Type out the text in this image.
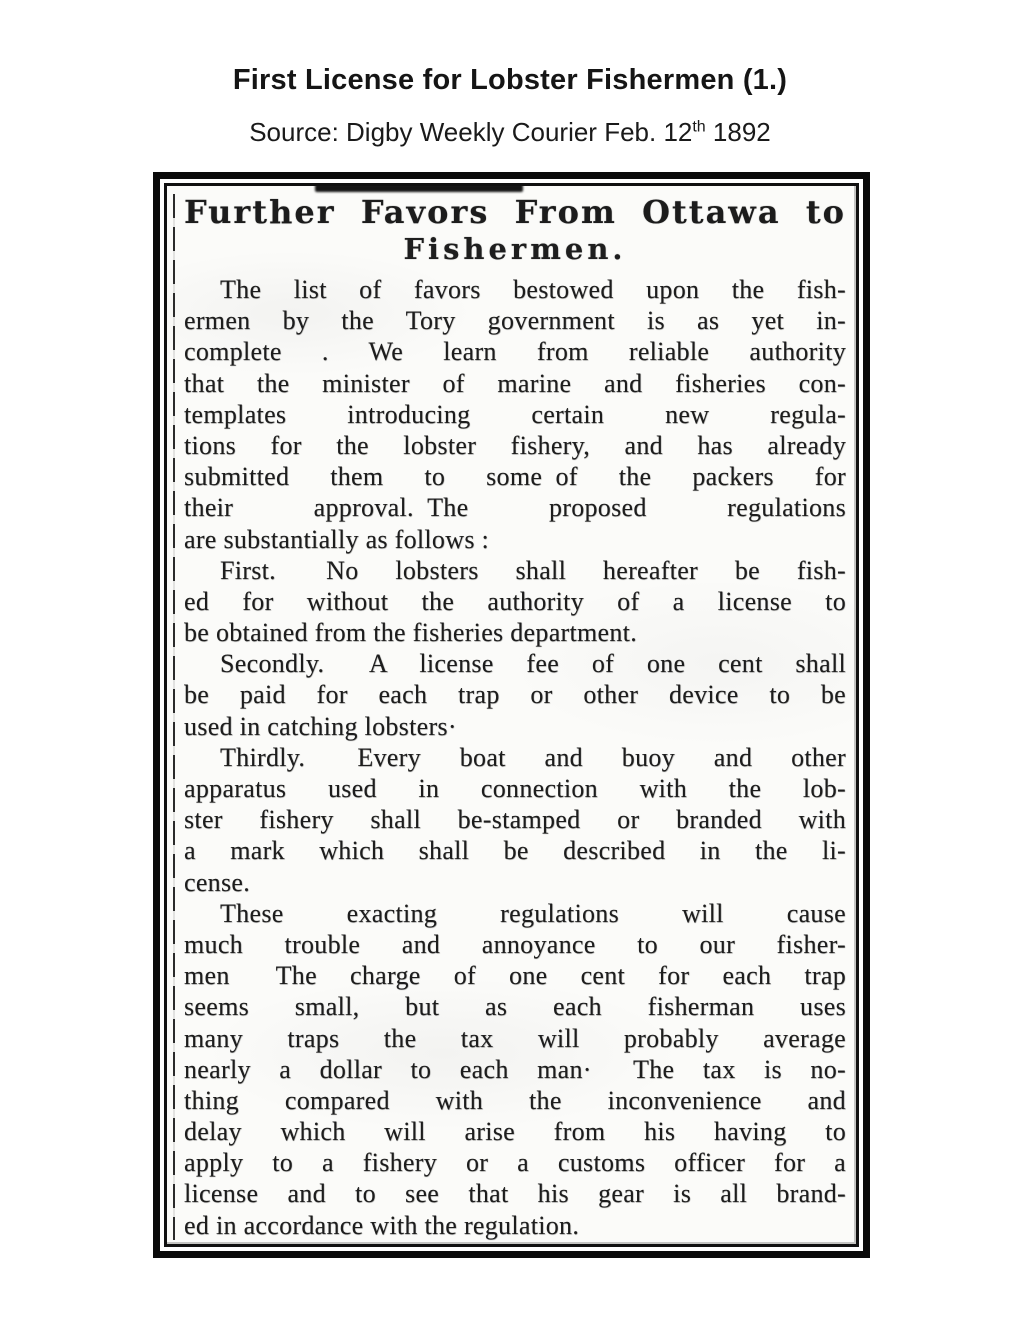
First License for Lobster Fishermen (1.)
Source: Digby Weekly Courier Feb. 12th 1892
Further Favors From Ottawa to
Fishermen.
The list of favors bestowed upon the fish-
ermen by the Tory government is as yet in-
complete . We learn from reliable authority
that the minister of marine and fisheries con-
templates introducing certain new regula-
tions for the lobster fishery, and has already
submitted them to some of the packers for
their approval. The proposed regulations
are substantially as follows :
First.  No lobsters shall hereafter be fish-
ed for without the authority of a license to
be obtained from the fisheries department.
Secondly.  A license fee of one cent shall
be paid for each trap or other device to be
used in catching lobsters·
Thirdly.  Every boat and buoy and other
apparatus used in connection with the lob-
ster fishery shall be-stamped or branded with
a mark which shall be described in the li-
cense.
These exacting regulations will cause
much trouble and annoyance to our fisher-
men  The charge of one cent for each trap
seems small, but as each fisherman uses
many traps the tax will probably average
nearly a dollar to each man·  The tax is no-
thing compared with the inconvenience and
delay which will arise from his having to
apply to a fishery or a customs officer for a
license and to see that his gear is all brand-
ed in accordance with the regulation.
